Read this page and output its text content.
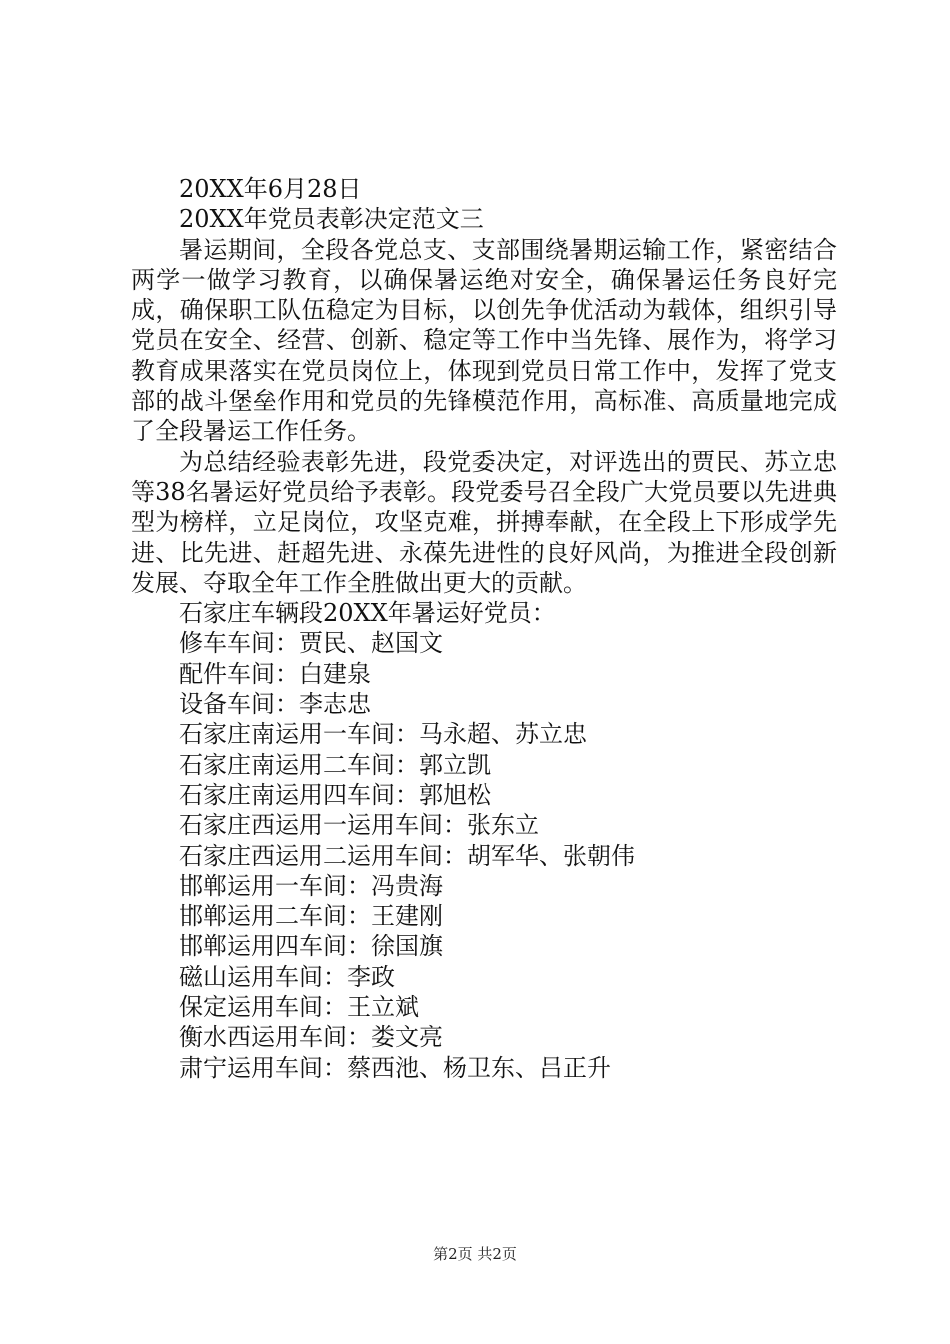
20XX年6月28日

20XX年党员表彰决定范文三

暑运期间，全段各党总支、支部围绕暑期运输工作，紧密结合两学一做学习教育，以确保暑运绝对安全，确保暑运任务良好完成，确保职工队伍稳定为目标，以创先争优活动为载体，组织引导党员在安全、经营、创新、稳定等工作中当先锋、展作为，将学习教育成果落实在党员岗位上，体现到党员日常工作中，发挥了党支部的战斗堡垒作用和党员的先锋模范作用，高标准、高质量地完成了全段暑运工作任务。

为总结经验表彰先进，段党委决定，对评选出的贾民、苏立忠等38名暑运好党员给予表彰。段党委号召全段广大党员要以先进典型为榜样，立足岗位，攻坚克难，拼搏奉献，在全段上下形成学先进、比先进、赶超先进、永葆先进性的良好风尚，为推进全段创新发展、夺取全年工作全胜做出更大的贡献。

石家庄车辆段20XX年暑运好党员：

修车车间：贾民、赵国文

配件车间：白建泉

设备车间：李志忠

石家庄南运用一车间：马永超、苏立忠

石家庄南运用二车间：郭立凯

石家庄南运用四车间：郭旭松

石家庄西运用一运用车间：张东立

石家庄西运用二运用车间：胡军华、张朝伟

邯郸运用一车间：冯贵海

邯郸运用二车间：王建刚

邯郸运用四车间：徐国旗

磁山运用车间：李政

保定运用车间：王立斌

衡水西运用车间：娄文亮

肃宁运用车间：蔡西池、杨卫东、吕正升

第2页 共2页
